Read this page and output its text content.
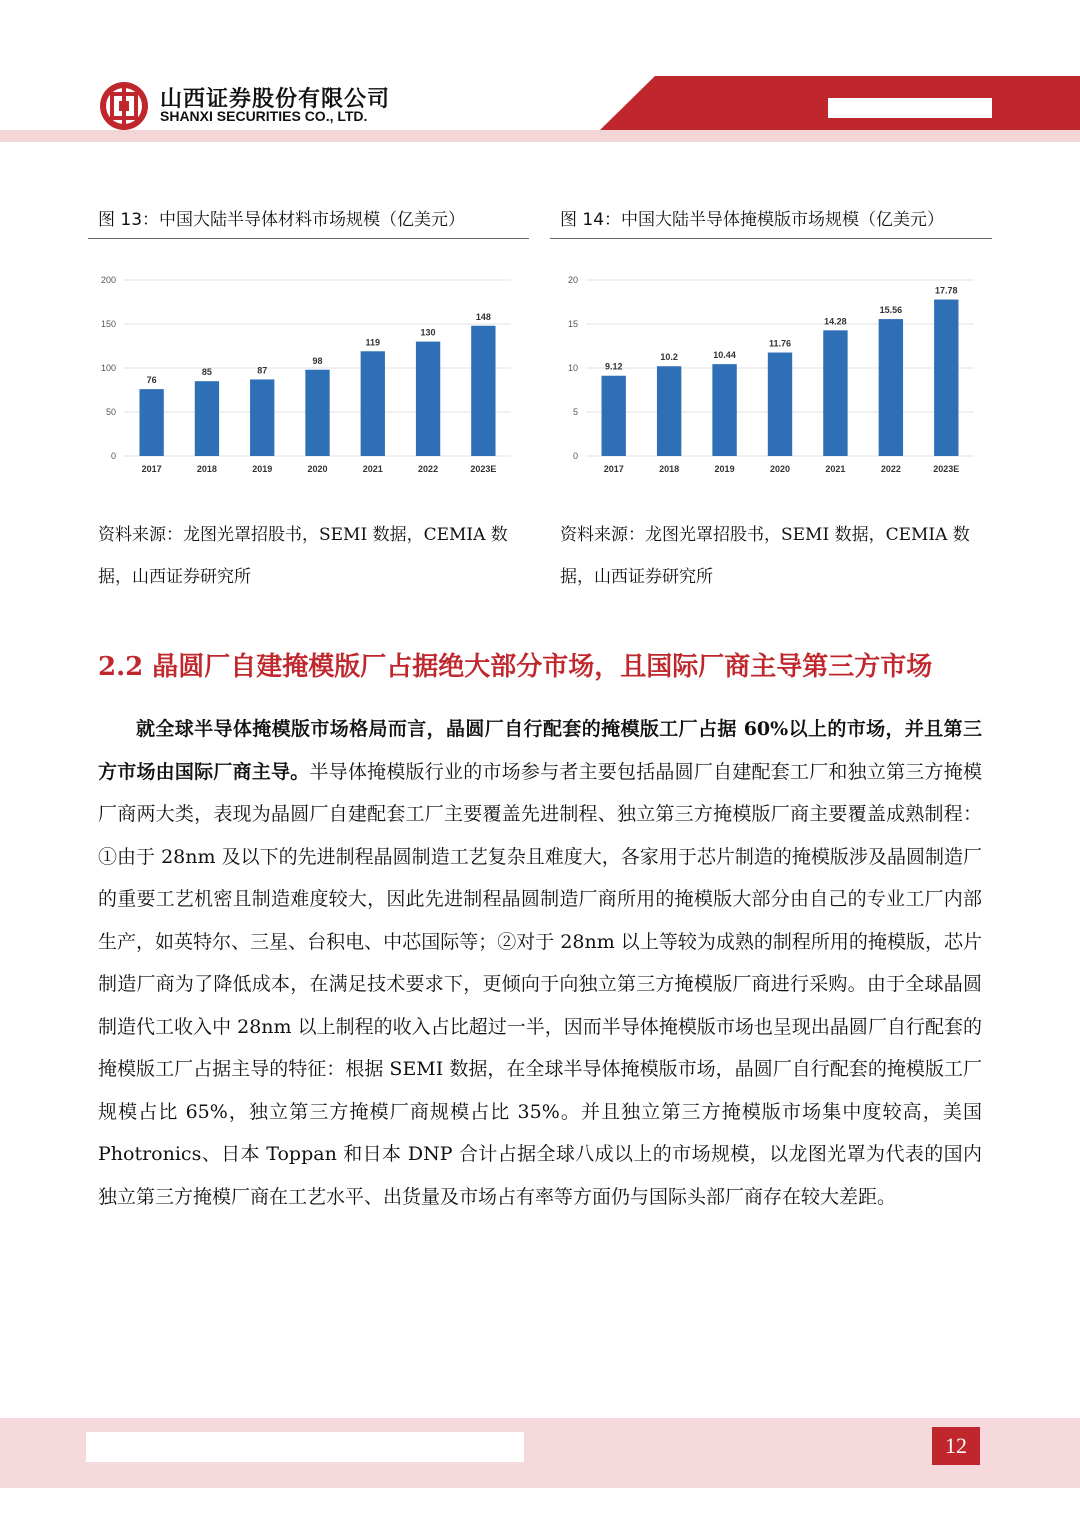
山西证券股份有限公司
SHANXI SECURITIES CO., LTD.
图 13：中国大陆半导体材料市场规模（亿美元）
0
50
100
150
200
76
2017
85
2018
87
2019
98
2020
119
2021
130
2022
148
2023E
资料来源：龙图光罩招股书，SEMI 数据，CEMIA 数据，山西证券研究所
图 14：中国大陆半导体掩模版市场规模（亿美元）
0
5
10
15
20
9.12
2017
10.2
2018
10.44
2019
11.76
2020
14.28
2021
15.56
2022
17.78
2023E
资料来源：龙图光罩招股书，SEMI 数据，CEMIA 数据，山西证券研究所
2.2 晶圆厂自建掩模版厂占据绝大部分市场，且国际厂商主导第三方市场
就全球半导体掩模版市场格局而言，晶圆厂自行配套的掩模版工厂占据 60%以上的市场，并且第三方市场由国际厂商主导。半导体掩模版行业的市场参与者主要包括晶圆厂自建配套工厂和独立第三方掩模厂商两大类，表现为晶圆厂自建配套工厂主要覆盖先进制程、独立第三方掩模版厂商主要覆盖成熟制程：①由于 28nm 及以下的先进制程晶圆制造工艺复杂且难度大，各家用于芯片制造的掩模版涉及晶圆制造厂的重要工艺机密且制造难度较大，因此先进制程晶圆制造厂商所用的掩模版大部分由自己的专业工厂内部生产，如英特尔、三星、台积电、中芯国际等；②对于 28nm 以上等较为成熟的制程所用的掩模版，芯片制造厂商为了降低成本，在满足技术要求下，更倾向于向独立第三方掩模版厂商进行采购。由于全球晶圆制造代工收入中 28nm 以上制程的收入占比超过一半，因而半导体掩模版市场也呈现出晶圆厂自行配套的掩模版工厂占据主导的特征：根据 SEMI 数据，在全球半导体掩模版市场，晶圆厂自行配套的掩模版工厂规模占比 65%，独立第三方掩模厂商规模占比 35%。并且独立第三方掩模版市场集中度较高，美国 Photronics、日本 Toppan 和日本 DNP 合计占据全球八成以上的市场规模，以龙图光罩为代表的国内独立第三方掩模厂商在工艺水平、出货量及市场占有率等方面仍与国际头部厂商存在较大差距。
12
